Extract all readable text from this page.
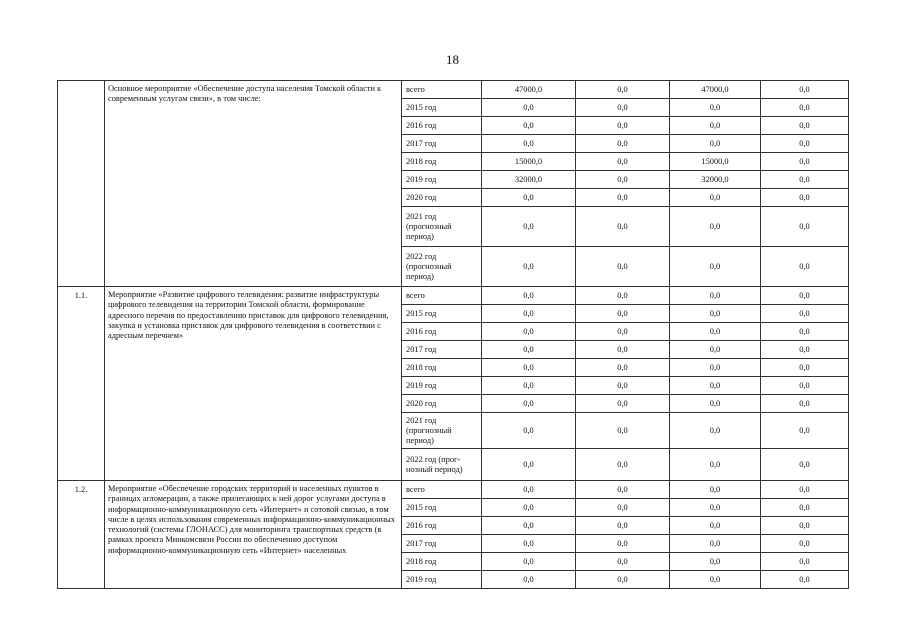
18
	Основное мероприятие «Обеспечение доступа населения Томской области к современным услугам связи», в том числе:	всего	47000,0	0,0	47000,0	0,0
		2015 год	0,0	0,0	0,0	0,0
		2016 год	0,0	0,0	0,0	0,0
		2017 год	0,0	0,0	0,0	0,0
		2018 год	15000,0	0,0	15000,0	0,0
		2019 год	32000,0	0,0	32000,0	0,0
		2020 год	0,0	0,0	0,0	0,0
		2021 год (прогнозный период)	0,0	0,0	0,0	0,0
		2022 год (прогнозный период)	0,0	0,0	0,0	0,0
1.1.	Мероприятие «Развитие цифрового телевидения: развитие инфраструктуры цифрового телевидения на территории Томской области, формирование адресного перечня по предоставлению приставок для цифрового телевидения, закупка и установка приставок для цифрового телевидения в соответствии с адресным перечнем»	всего	0,0	0,0	0,0	0,0
		2015 год	0,0	0,0	0,0	0,0
		2016 год	0,0	0,0	0,0	0,0
		2017 год	0,0	0,0	0,0	0,0
		2018 год	0,0	0,0	0,0	0,0
		2019 год	0,0	0,0	0,0	0,0
		2020 год	0,0	0,0	0,0	0,0
		2021 год (прогнозный период)	0,0	0,0	0,0	0,0
		2022 год (прог-нозный период)	0,0	0,0	0,0	0,0
1.2.	Мероприятие «Обеспечение городских территорий и населенных пунктов в границах агломерации, а также прилегающих к ней дорог услугами доступа в информационно-коммуникационную сеть «Интернет» и сотовой связью, в том числе в целях использования современных информационно-коммуникационных технологий (системы ГЛОНАСС) для мониторинга транспортных средств (в рамках проекта Минкомсвязи России по обеспечению доступом информационно-коммуникационную сеть «Интернет» населенных	всего	0,0	0,0	0,0	0,0
		2015 год	0,0	0,0	0,0	0,0
		2016 год	0,0	0,0	0,0	0,0
		2017 год	0,0	0,0	0,0	0,0
		2018 год	0,0	0,0	0,0	0,0
		2019 год	0,0	0,0	0,0	0,0
